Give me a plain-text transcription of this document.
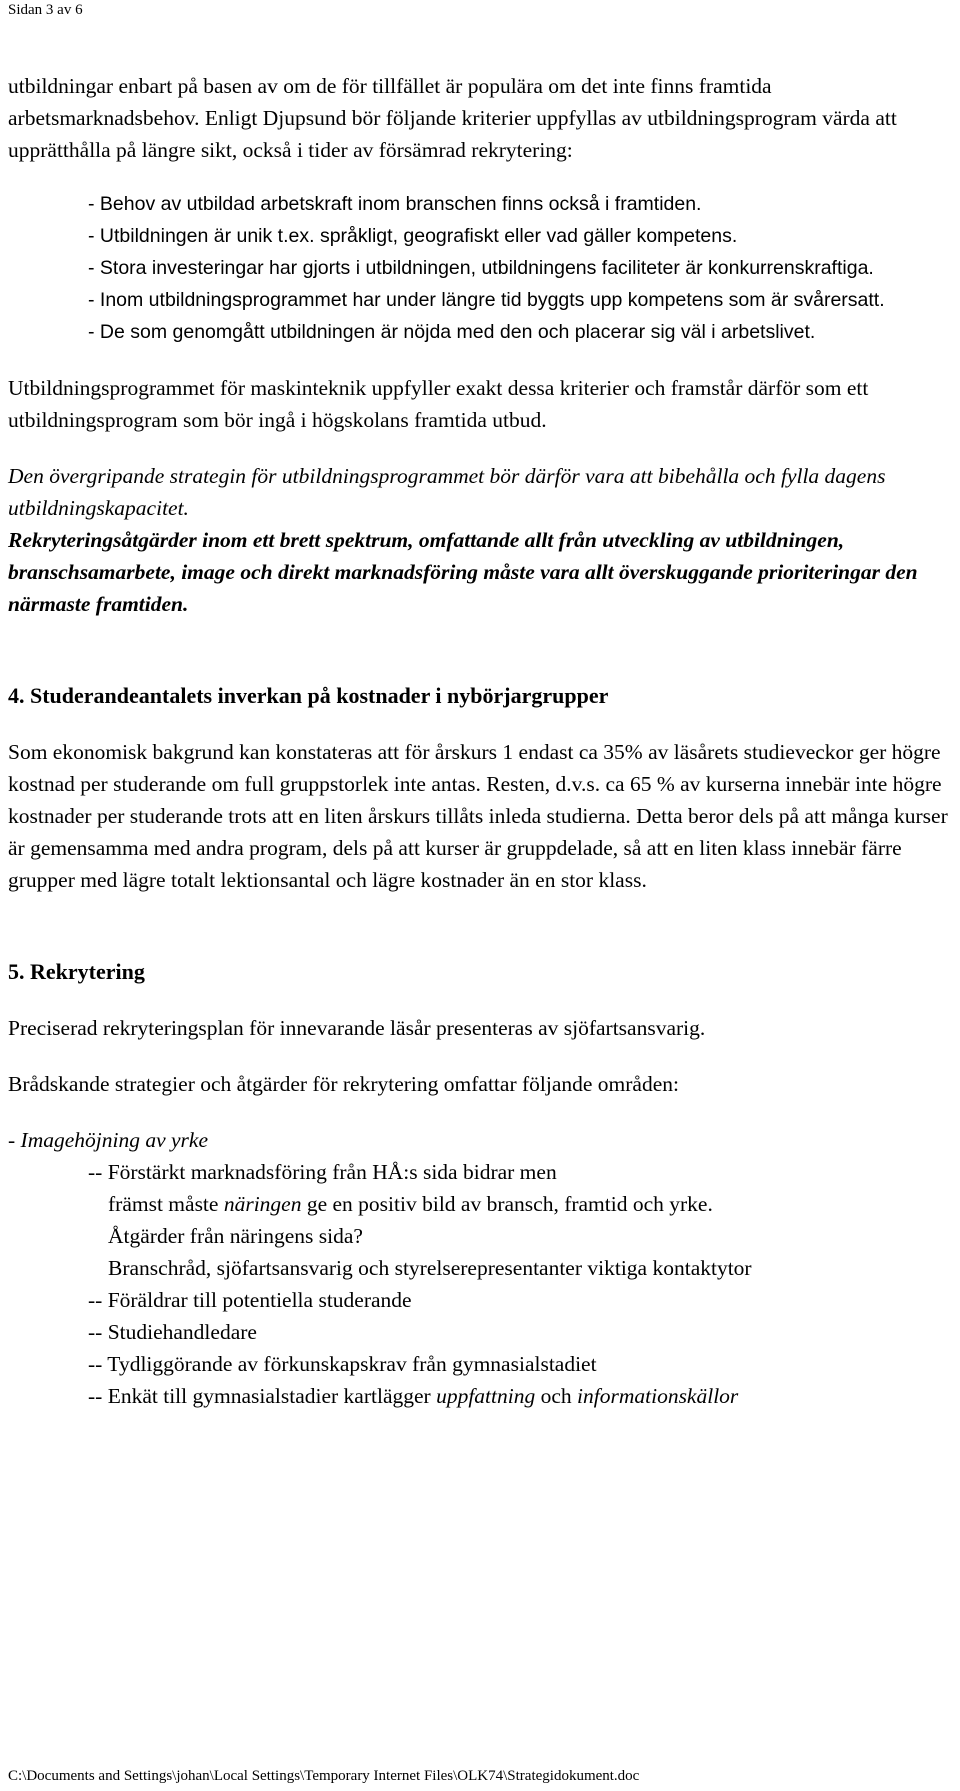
Sidan 3 av 6

utbildningar enbart på basen av om de för tillfället är populära om det inte finns framtida arbetsmarknadsbehov. Enligt Djupsund bör följande kriterier uppfyllas av utbildningsprogram värda att upprätthålla på längre sikt, också i tider av försämrad rekrytering:

- Behov av utbildad arbetskraft inom branschen finns också i framtiden.
- Utbildningen är unik t.ex. språkligt, geografiskt eller vad gäller kompetens.
- Stora investeringar har gjorts i utbildningen, utbildningens faciliteter är konkurrenskraftiga.
- Inom utbildningsprogrammet har under längre tid byggts upp kompetens som är svårersatt.
- De som genomgått utbildningen är nöjda med den och placerar sig väl i arbetslivet.

Utbildningsprogrammet för maskinteknik uppfyller exakt dessa kriterier och framstår därför som ett utbildningsprogram som bör ingå i högskolans framtida utbud.

Den övergripande strategin för utbildningsprogrammet bör därför vara att bibehålla och fylla dagens utbildningskapacitet.

Rekryteringsåtgärder inom ett brett spektrum, omfattande allt från utveckling av utbildningen, branschsamarbete, image och direkt marknadsföring måste vara allt överskuggande prioriteringar den närmaste framtiden.

4. Studerandeantalets inverkan på kostnader i nybörjargrupper

Som ekonomisk bakgrund kan konstateras att för årskurs 1 endast ca 35% av läsårets studieveckor ger högre kostnad per studerande om full gruppstorlek inte antas. Resten, d.v.s. ca 65 % av kurserna innebär inte högre kostnader per studerande trots att en liten årskurs tillåts inleda studierna. Detta beror dels på att många kurser är gemensamma med andra program, dels på att kurser är gruppdelade, så att en liten klass innebär färre grupper med lägre totalt lektionsantal och lägre kostnader än en stor klass.

5. Rekrytering

Preciserad rekryteringsplan för innevarande läsår presenteras av sjöfartsansvarig.

Brådskande strategier och åtgärder för rekrytering omfattar följande områden:

- Imagehöjning av yrke
-- Förstärkt marknadsföring från HÅ:s sida bidrar men
främst måste näringen ge en positiv bild av bransch, framtid och yrke.
Åtgärder från näringens sida?
Branschråd, sjöfartsansvarig och styrelserepresentanter viktiga kontaktytor
-- Föräldrar till potentiella studerande
-- Studiehandledare
-- Tydliggörande av förkunskapskrav från gymnasialstadiet
-- Enkät till gymnasialstadier kartlägger uppfattning och informationskällor
C:\Documents and Settings\johan\Local Settings\Temporary Internet Files\OLK74\Strategidokument.doc
